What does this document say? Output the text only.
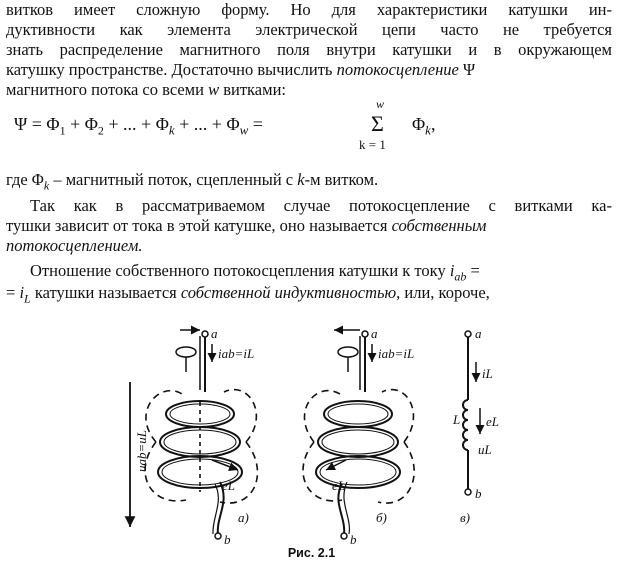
витков имеет сложную форму. Но для характеристики катушки ин-
дуктивности как элемента электрической цепи часто не требуется
знать распределение магнитного поля внутри катушки и в окружающем
катушку пространстве. Достаточно вычислить потокосцепление Ψ
магнитного потока со всеми w витками:
$\Psi = \Phi_1 + \Phi_2$ + ... + $\Phi_k$ + ... + $\Phi_w$ =
w
Σ
k = 1
$\Phi_k$,
где $\Phi_k$ – магнитный поток, сцепленный с k-м витком.
Так как в рассматриваемом случае потокосцепление с витками ка-
тушки зависит от тока в этой катушке, оно называется собственным
потокосцеплением.
Отношение собственного потокосцепления катушки к току $i_{ab}$ =
= $i_L$ катушки называется собственной индуктивностью, или, короче,
a
b
iab=iL
eL
uab=uL
a)
a
b
iab=iL
eL
б)
a
b
iL
L eL
uL
в)
Рис. 2.1
